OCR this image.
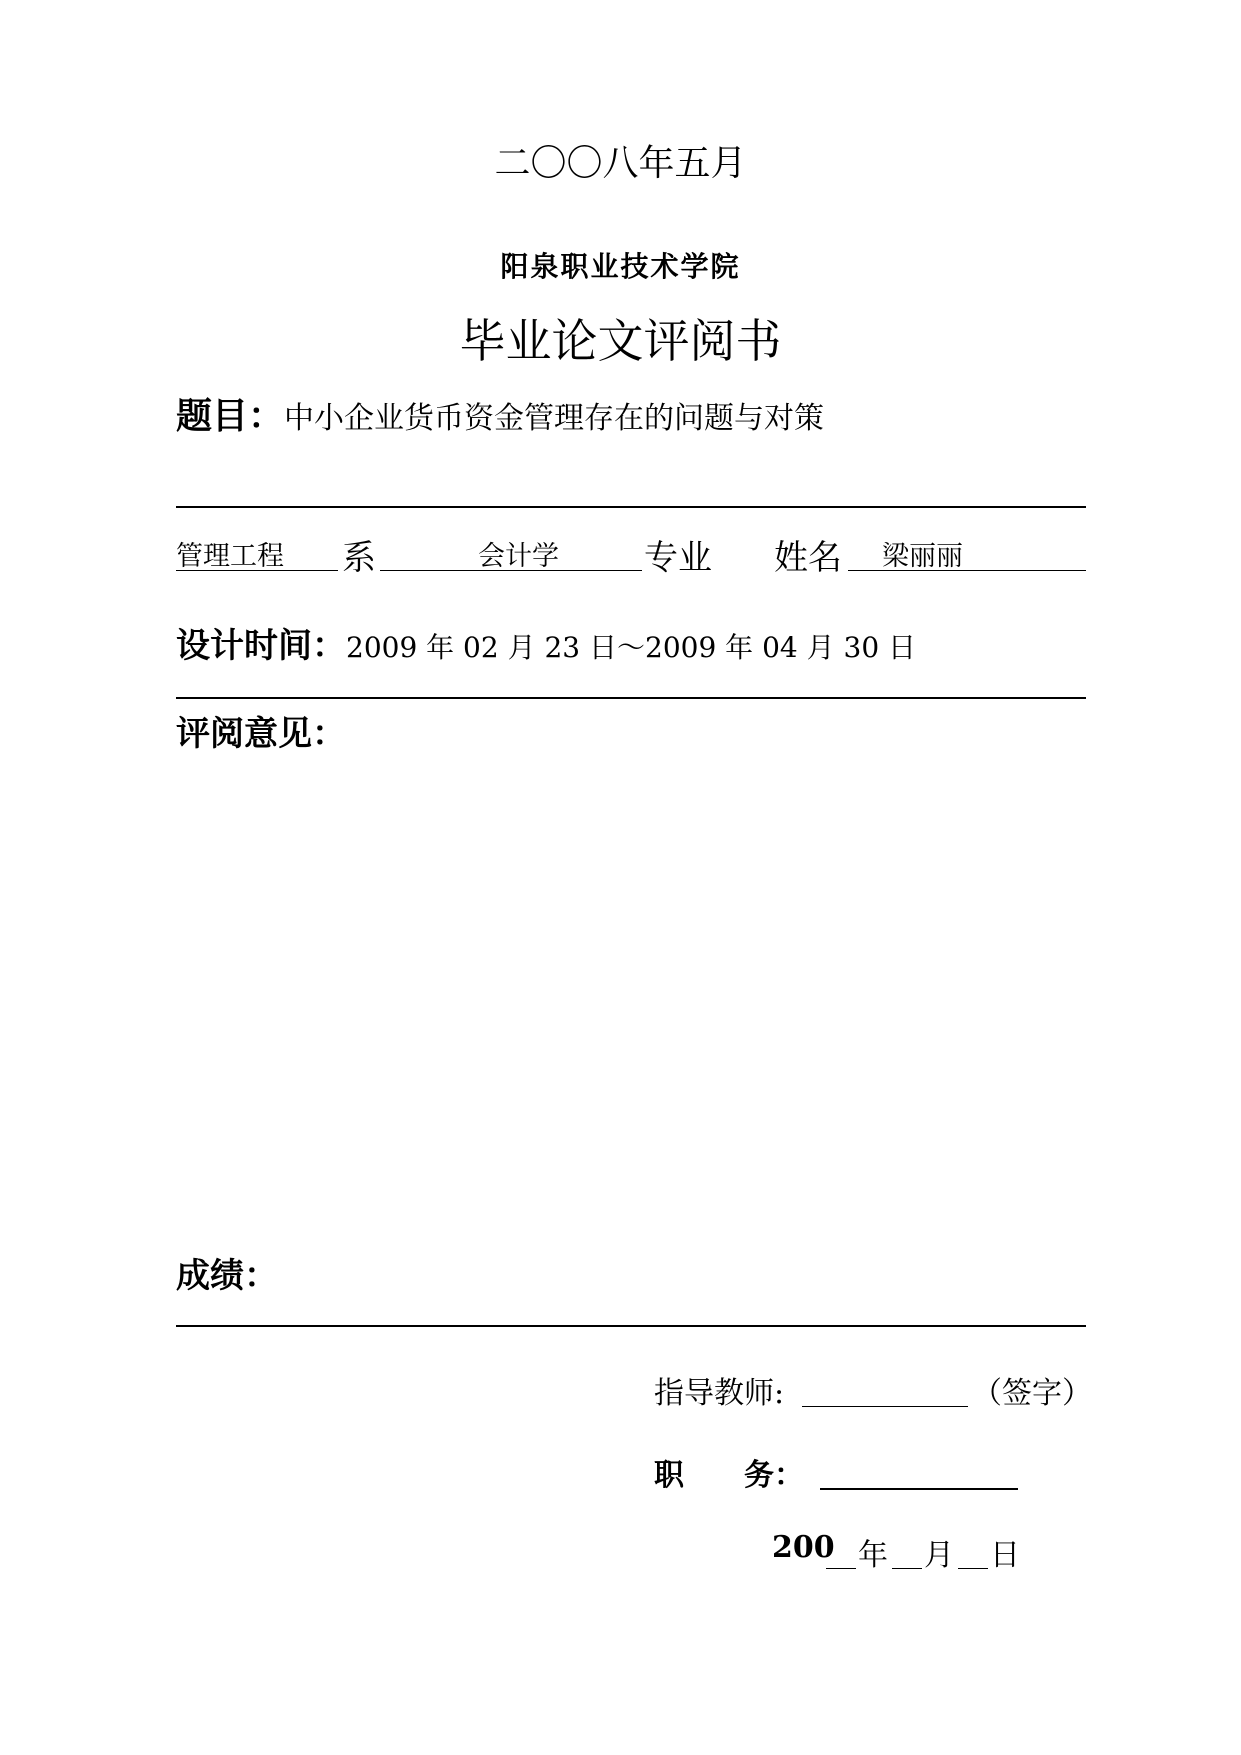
二〇〇八年五月
阳泉职业技术学院
毕业论文评阅书
题目：中小企业货币资金管理存在的问题与对策
管理工程 系	会计学	专业 姓名 梁丽丽
设计时间：2009 年 02 月 23 日～2009 年 04 月 30 日
评阅意见：
成绩：
指导教师:	（签字）
职　　务：
200 年 月 日
